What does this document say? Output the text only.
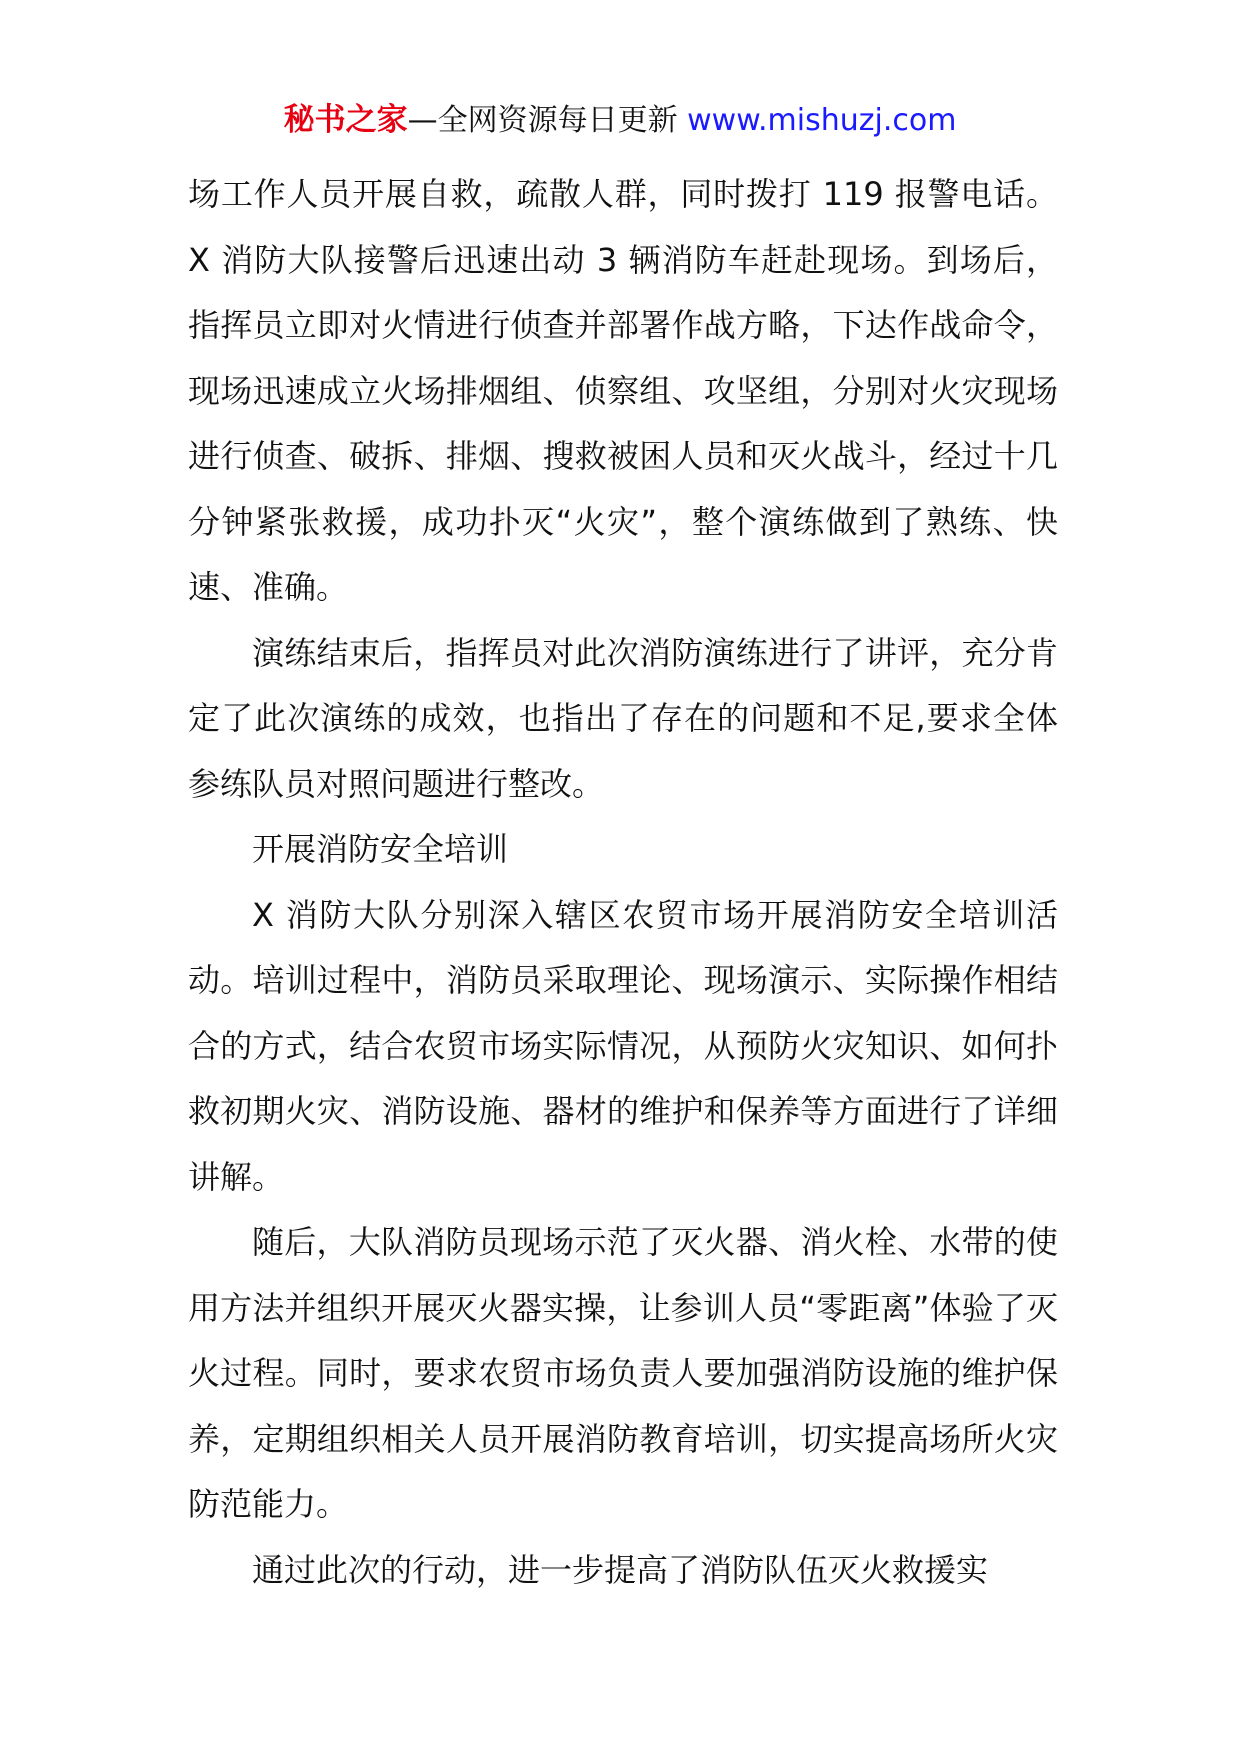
秘书之家—全网资源每日更新 www.mishuzj.com

场工作人员开展自救，疏散人群，同时拨打 119 报警电话。X 消防大队接警后迅速出动 3 辆消防车赶赴现场。到场后，指挥员立即对火情进行侦查并部署作战方略，下达作战命令，现场迅速成立火场排烟组、侦察组、攻坚组，分别对火灾现场进行侦查、破拆、排烟、搜救被困人员和灭火战斗，经过十几分钟紧张救援，成功扑灭“火灾”，整个演练做到了熟练、快速、准确。

演练结束后，指挥员对此次消防演练进行了讲评，充分肯定了此次演练的成效，也指出了存在的问题和不足,要求全体参练队员对照问题进行整改。

开展消防安全培训

X 消防大队分别深入辖区农贸市场开展消防安全培训活动。培训过程中，消防员采取理论、现场演示、实际操作相结合的方式，结合农贸市场实际情况，从预防火灾知识、如何扑救初期火灾、消防设施、器材的维护和保养等方面进行了详细讲解。

随后，大队消防员现场示范了灭火器、消火栓、水带的使用方法并组织开展灭火器实操，让参训人员“零距离”体验了灭火过程。同时，要求农贸市场负责人要加强消防设施的维护保养，定期组织相关人员开展消防教育培训，切实提高场所火灾防范能力。

通过此次的行动，进一步提高了消防队伍灭火救援实
